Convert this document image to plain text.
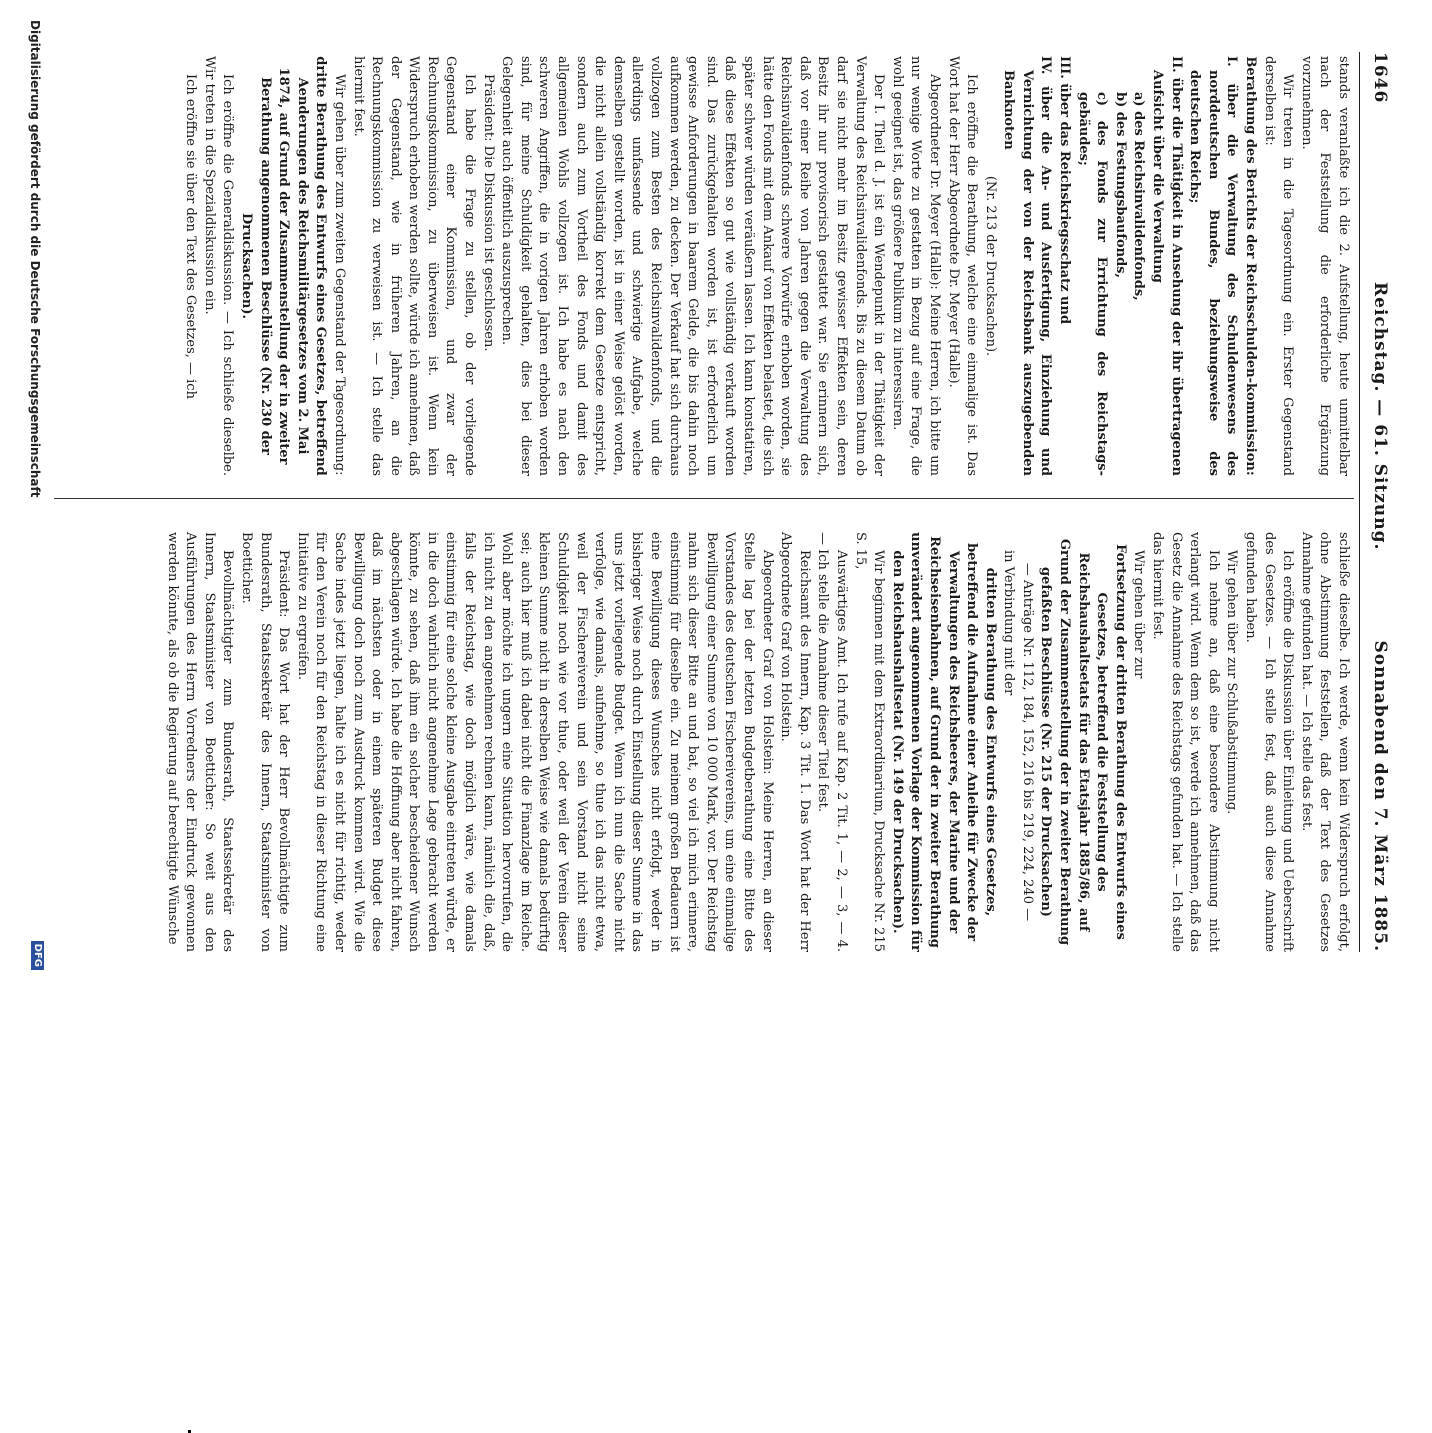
1646
Reichstag. — 61. Sitzung.
Sonnabend den 7. März 1885.

stands veranlaßte ich die 2. Aufstellung, heute unmittelbar nach der Feststellung die erforderliche Ergänzung vorzunehmen.

Wir treten in die Tagesordnung ein. Erster Gegenstand derselben ist:

Berathung des Berichts der Reichsschulden-kommission:

I. über die Verwaltung des Schuldenwesens des norddeutschen Bundes, beziehungsweise des deutschen Reichs;

II. über die Thätigkeit in Ansehung der ihr übertragenen Aufsicht über die Verwaltung

a) des Reichsinvalidenfonds,

b) des Festungsbaufonds,

c) des Fonds zur Errichtung des Reichstags-gebäudes;

III. über das Reichskriegsschatz und

IV. über die An- und Ausfertigung, Einziehung und Vernichtung der von der Reichsbank auszugebenden Banknoten

(Nr. 213 der Drucksachen).

Ich eröffne die Berathung, welche eine einmalige ist. Das Wort hat der Herr Abgeordnete Dr. Meyer (Halle).

Abgeordneter Dr. Meyer (Halle): Meine Herren, ich bitte um nur wenige Worte zu gestatten in Bezug auf eine Frage, die wohl geeignet ist, das größere Publikum zu interessiren.

Der I. Theil d. J. ist ein Wendepunkt in der Thätigkeit der Verwaltung des Reichsinvalidenfonds. Bis zu diesem Datum ob darf sie nicht mehr im Besitz gewisser Effekten sein, deren Besitz ihr nur provisorisch gestattet war. Sie erinnern sich, daß vor einer Reihe von Jahren gegen die Verwaltung des Reichsinvalidenfonds schwere Vorwürfe erhoben worden, sie hätte den Fonds mit dem Ankauf von Effekten belastet, die sich später schwer würden veräußern lassen. Ich kann konstatiren, daß diese Effekten so gut wie vollständig verkauft worden sind. Das zurückgehalten worden ist, ist erforderlich um gewisse Anforderungen in baarem Gelde, die bis dahin noch aufkommen werden, zu decken. Der Verkauf hat sich durchaus vollzogen zum Besten des Reichsinvalidenfonds, und die allerdings umfassende und schwierige Aufgabe, welche demselben gestellt worden, ist in einer Weise gelöst worden, die nicht allein vollständig korrekt dem Gesetze entspricht, sondern auch zum Vortheil des Fonds und damit des allgemeinen Wohls vollzogen ist. Ich habe es nach den schweren Angriffen, die in vorigen Jahren erhoben worden sind, für meine Schuldigkeit gehalten, dies bei dieser Gelegenheit auch öffentlich auszusprechen.

Präsident: Die Diskussion ist geschlossen.

Ich habe die Frage zu stellen, ob der vorliegende Gegenstand einer Kommission, und zwar der Rechnungskommission, zu überweisen ist. Wenn kein Widerspruch erhoben werden sollte, würde ich annehmen, daß der Gegenstand, wie in früheren Jahren, an die Rechnungskommission zu verweisen ist. — Ich stelle das hiermit fest.

Wir gehen über zum zweiten Gegenstand der Tagesordnung:

dritte Berathung des Entwurfs eines Gesetzes, betreffend Aenderungen des Reichsmilitärgesetzes vom 2. Mai 1874, auf Grund der Zusammenstellung der in zweiter Berathung angenommenen Beschlüsse (Nr. 230 der Drucksachen).

Ich eröffne die Generaldiskussion. — Ich schließe dieselbe. Wir treten in die Spezialdiskussion ein.

Ich eröffne sie über den Text des Gesetzes, — ich

schließe dieselbe. Ich werde, wenn kein Widerspruch erfolgt, ohne Abstimmung feststellen, daß der Text des Gesetzes Annahme gefunden hat. — Ich stelle das fest.

Ich eröffne die Diskussion über Einleitung und Ueberschrift des Gesetzes. — Ich stelle fest, daß auch diese Annahme gefunden haben.

Wir gehen über zur Schlußabstimmung.

Ich nehme an, daß eine besondere Abstimmung nicht verlangt wird. Wenn dem so ist, werde ich annehmen, daß das Gesetz die Annahme des Reichstags gefunden hat. — Ich stelle das hiermit fest.

Wir gehen über zur

Fortsetzung der dritten Berathung des Entwurfs eines Gesetzes, betreffend die Feststellung des Reichshaushaltsetats für das Etatsjahr 1885/86, auf Grund der Zusammenstellung der in zweiter Berathung gefaßten Beschlüsse (Nr. 215 der Drucksachen)

— Anträge Nr. 112, 184, 152, 216 bis 219, 224, 240 —

in Verbindung mit der

dritten Berathung des Entwurfs eines Gesetzes, betreffend die Aufnahme einer Anleihe für Zwecke der Verwaltungen des Reichsheeres, der Marine und der Reichseisenbahnen, auf Grund der in zweiter Berathung unverändert angenommenen Vorlage der Kommission für den Reichshaushaltsetat (Nr. 149 der Drucksachen).

Wir beginnen mit dem Extraordinarium, Drucksache Nr. 215 S. 15,

Auswärtiges Amt. Ich rufe auf Kap. 2 Tit. 1, — 2, — 3, — 4. — Ich stelle die Annahme dieser Titel fest.

Reichsamt des Innern, Kap. 3 Tit. 1. Das Wort hat der Herr Abgeordnete Graf von Holstein.

Abgeordneter Graf von Holstein: Meine Herren, an dieser Stelle lag bei der letzten Budgetberathung eine Bitte des Vorstandes des deutschen Fischereivereins, um eine einmalige Bewilligung einer Summe von 10 000 Mark, vor. Der Reichstag nahm sich dieser Bitte an und bat, so viel ich mich erinnere, einstimmig für dieselbe ein. Zu meinem großen Bedauern ist eine Bewilligung dieses Wunsches nicht erfolgt, weder in bisheriger Weise noch durch Einstellung dieser Summe in das uns jetzt vorliegende Budget. Wenn ich nun die Sache nicht verfolge, wie damals, aufnehme, so thue ich das nicht etwa, weil der Fischereiverein und sein Vorstand nicht seine Schuldigkeit noch wie vor thue, oder weil der Verein dieser kleinen Summe nicht in derselben Weise wie damals bedürftig sei; auch hier muß ich dabei nicht die Finanzlage im Reiche. Wohl aber möchte ich ungern eine Situation hervorrufen, die ich nicht zu den angenehmen rechnen kann, nämlich die, daß, falls der Reichstag, wie doch möglich wäre, wie damals einstimmig für eine solche kleine Ausgabe eintreten würde, er in die doch wahrlich nicht angenehme Lage gebracht werden könnte, zu sehen, daß ihm ein solcher bescheidener Wunsch abgeschlagen würde. Ich habe die Hoffnung aber nicht fahren, daß im nächsten oder in einem späteren Budget diese Bewilligung doch noch zum Ausdruck kommen wird. Wie die Sache indes jetzt liegen, halte ich es nicht für richtig, weder für den Verein noch für den Reichstag in dieser Richtung eine Initiative zu ergreifen.

Präsident: Das Wort hat der Herr Bevollmächtigte zum Bundesrath, Staatssekretär des Innern, Staatsminister von Boetticher.

Bevollmächtigter zum Bundesrath, Staatssekretär des Innern, Staatsminister von Boetticher: So weit aus den Ausführungen des Herrn Vorredners der Eindruck gewonnen werden könnte, als ob die Regierung auf berechtigte Wünsche

Digitalisierung gefördert durch die Deutsche Forschungsgemeinschaft
DFG
